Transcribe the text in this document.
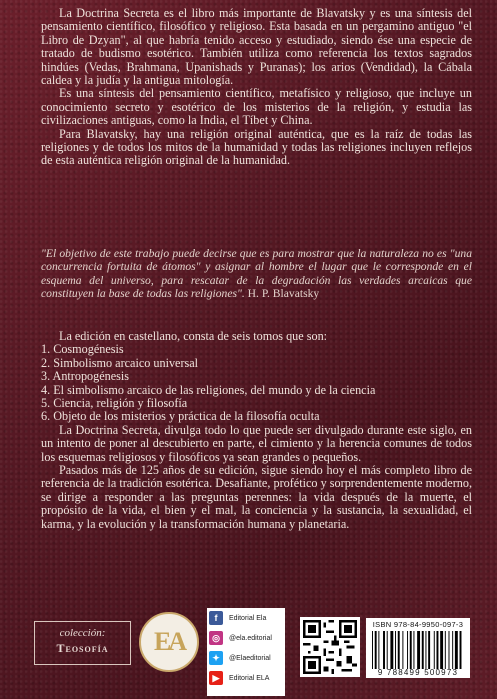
La Doctrina Secreta es el libro más importante de Blavatsky y es una síntesis del pensamiento científico, filosófico y religioso. Esta basada en un pergamino antiguo "el Libro de Dzyan", al que habría tenido acceso y estudiado, siendo ése una especie de tratado de budismo esotérico. También utiliza como referencia los textos sagrados hindúes (Vedas, Brahmana, Upanishads y Puranas); los arios (Vendidad), la Cábala caldea y la judía y la antigua mitología.

Es una síntesis del pensamiento científico, metafísico y religioso, que incluye un conocimiento secreto y esotérico de los misterios de la religión, y estudia las civilizaciones antiguas, como la India, el Tíbet y China.

Para Blavatsky, hay una religión original auténtica, que es la raíz de todas las religiones y de todos los mitos de la humanidad y todas las religiones incluyen reflejos de esta auténtica religión original de la humanidad.

"El objetivo de este trabajo puede decirse que es para mostrar que la naturaleza no es "una concurrencia fortuita de átomos" y asignar al hombre el lugar que le corresponde en el esquema del universo, para rescatar de la degradación las verdades arcaicas que constituyen la base de todas las religiones". H. P. Blavatsky

La edición en castellano, consta de seis tomos que son:

1. Cosmogénesis
2. Simbolismo arcaico universal
3. Antropogénesis
4. El simbolismo arcaico de las religiones, del mundo y de la ciencia
5. Ciencia, religión y filosofía
6. Objeto de los misterios y práctica de la filosofía oculta

La Doctrina Secreta, divulga todo lo que puede ser divulgado durante este siglo, en un intento de poner al descubierto en parte, el cimiento y la herencia comunes de todos los esquemas religiosos y filosóficos ya sean grandes o pequeños.

Pasados más de 125 años de su edición, sigue siendo hoy el más completo libro de referencia de la tradición esotérica. Desafiante, profético y sorprendentemente moderno, se dirige a responder a las preguntas perennes: la vida después de la muerte, el propósito de la vida, el bien y el mal, la conciencia y la sustancia, la sexualidad, el karma, y la evolución y la transformación humana y planetaria.

colección:
Teosofía	EA
f	Editorial Ela
◎	@ela.editorial
✦	@Elaeditorial
▶	Editorial ELA
ISBN 978-84-9950-097-3
9 788499 500973
